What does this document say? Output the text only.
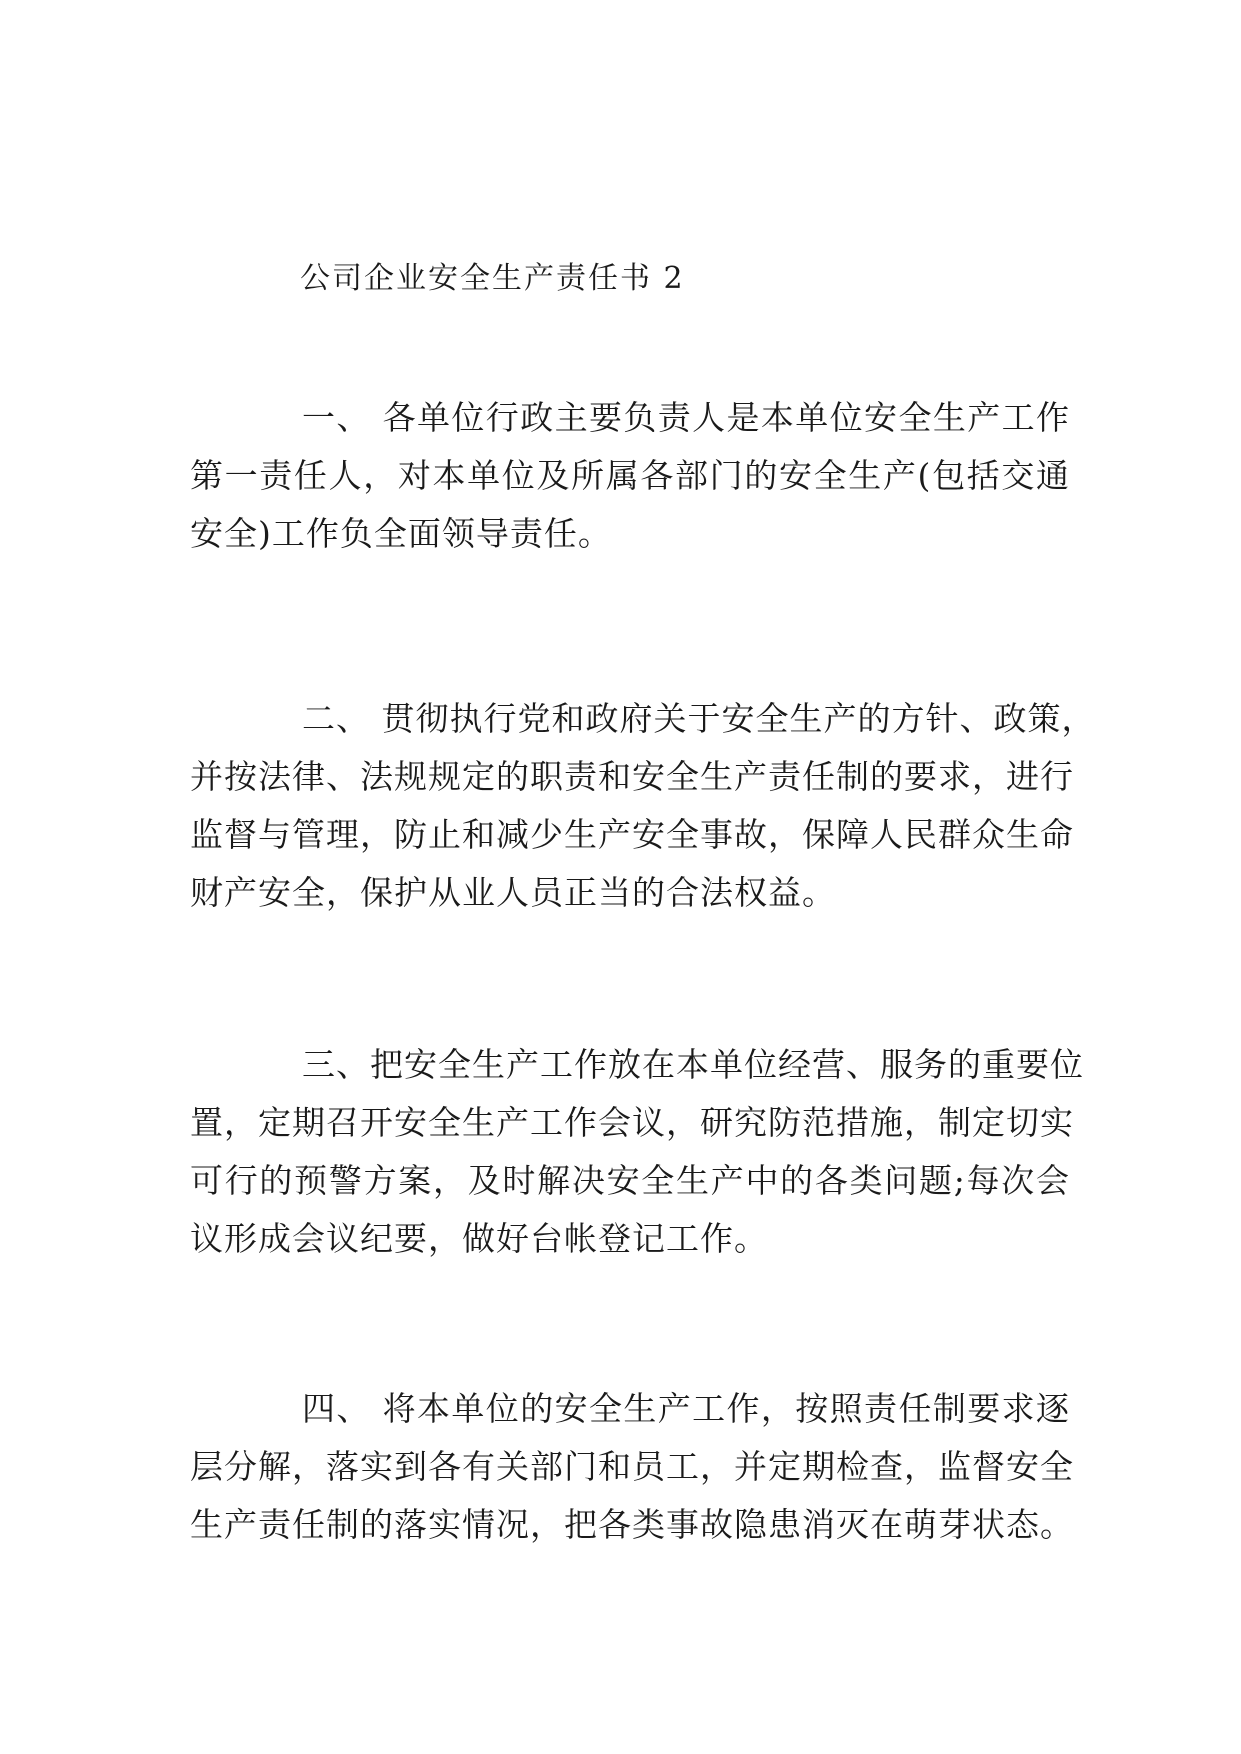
公司企业安全生产责任书 2
一、 各单位行政主要负责人是本单位安全生产工作
第一责任人，对本单位及所属各部门的安全生产(包括交通
安全)工作负全面领导责任。
二、 贯彻执行党和政府关于安全生产的方针、政策，
并按法律、法规规定的职责和安全生产责任制的要求，进行
监督与管理，防止和减少生产安全事故，保障人民群众生命
财产安全，保护从业人员正当的合法权益。
三、把安全生产工作放在本单位经营、服务的重要位
置，定期召开安全生产工作会议，研究防范措施，制定切实
可行的预警方案，及时解决安全生产中的各类问题;每次会
议形成会议纪要，做好台帐登记工作。
四、 将本单位的安全生产工作，按照责任制要求逐
层分解，落实到各有关部门和员工，并定期检查，监督安全
生产责任制的落实情况，把各类事故隐患消灭在萌芽状态。
